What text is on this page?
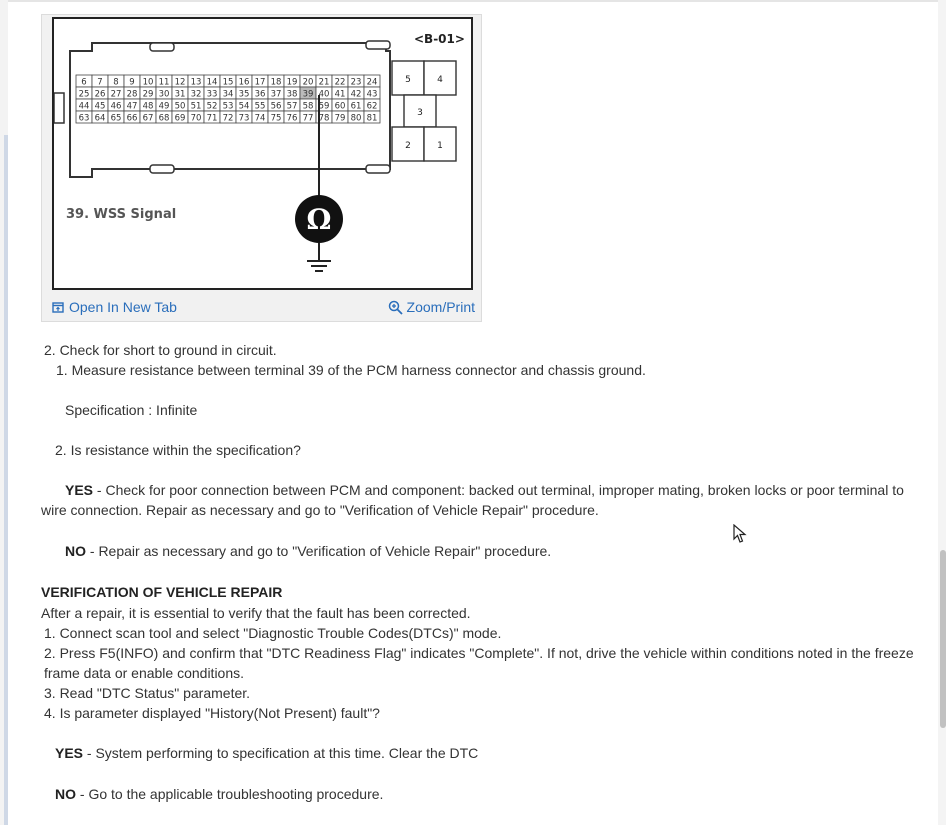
<B-01>
6 7 8 9 10 11 12 13 14 15 16 17 18 19 20 21 22 23 24
25 26 27 28 29 30 31 32 33 34 35 36 37 38 39 40 41 42 43
44 45 46 47 48 49 50 51 52 53 54 55 56 57 58 59 60 61 62
63 64 65 66 67 68 69 70 71 72 73 74 75 76 77 78 79 80 81
5	4
3
2	1
Ω
39. WSS Signal
Open In New Tab	Zoom/Print
2. Check for short to ground in circuit.
1. Measure resistance between terminal 39 of the PCM harness connector and chassis ground.
Specification : Infinite
2. Is resistance within the specification?
YES - Check for poor connection between PCM and component: backed out terminal, improper mating, broken locks or poor terminal to wire connection. Repair as necessary and go to "Verification of Vehicle Repair" procedure.
NO - Repair as necessary and go to "Verification of Vehicle Repair" procedure.
VERIFICATION OF VEHICLE REPAIR
After a repair, it is essential to verify that the fault has been corrected.
1. Connect scan tool and select "Diagnostic Trouble Codes(DTCs)" mode.
2. Press F5(INFO) and confirm that "DTC Readiness Flag" indicates "Complete". If not, drive the vehicle within conditions noted in the freeze frame data or enable conditions.
3. Read "DTC Status" parameter.
4. Is parameter displayed "History(Not Present) fault"?
YES - System performing to specification at this time. Clear the DTC
NO - Go to the applicable troubleshooting procedure.
